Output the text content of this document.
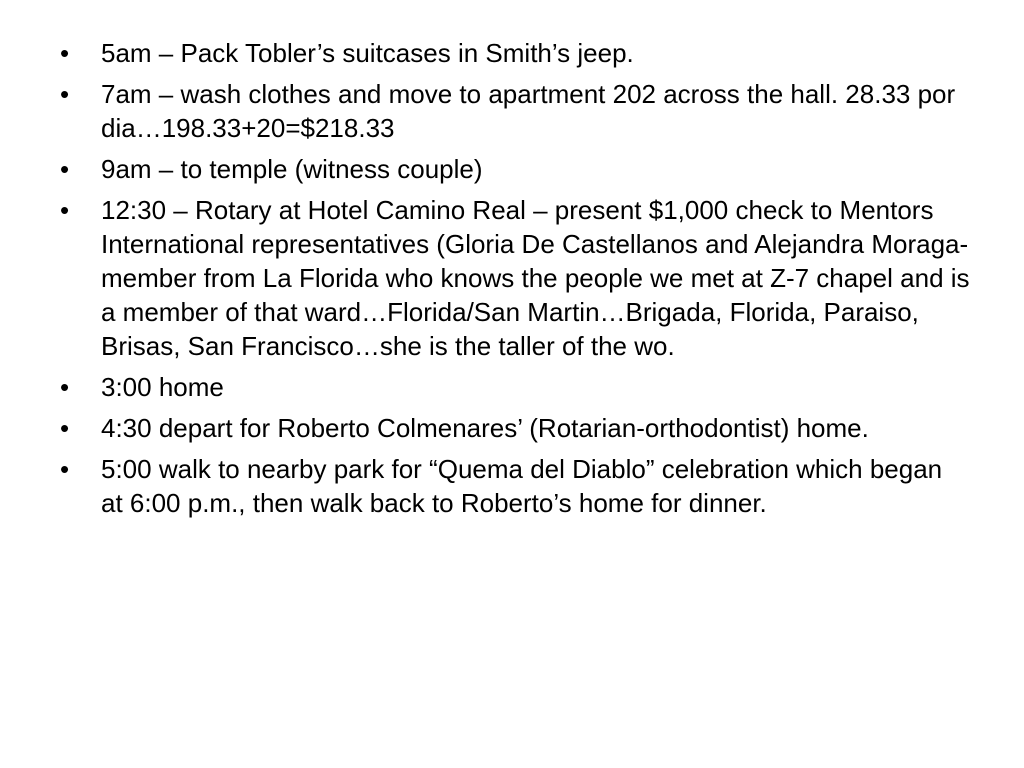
•	5am – Pack Tobler’s suitcases in Smith’s jeep.
•	7am – wash clothes and move to apartment 202 across the hall. 28.33 por dia…198.33+20=$218.33
•	9am – to temple (witness couple)
•	12:30 – Rotary at Hotel Camino Real – present $1,000 check to Mentors International representatives (Gloria De Castellanos and Alejandra Moraga-member from La Florida who knows the people we met at Z-7 chapel and is a member of that ward…Florida/San Martin…Brigada, Florida, Paraiso, Brisas, San Francisco…she is the taller of the wo.
•	3:00 home
•	4:30 depart for Roberto Colmenares’ (Rotarian-orthodontist) home.
•	5:00 walk to nearby park for “Quema del Diablo” celebration which began at 6:00 p.m., then walk back to Roberto’s home for dinner.
